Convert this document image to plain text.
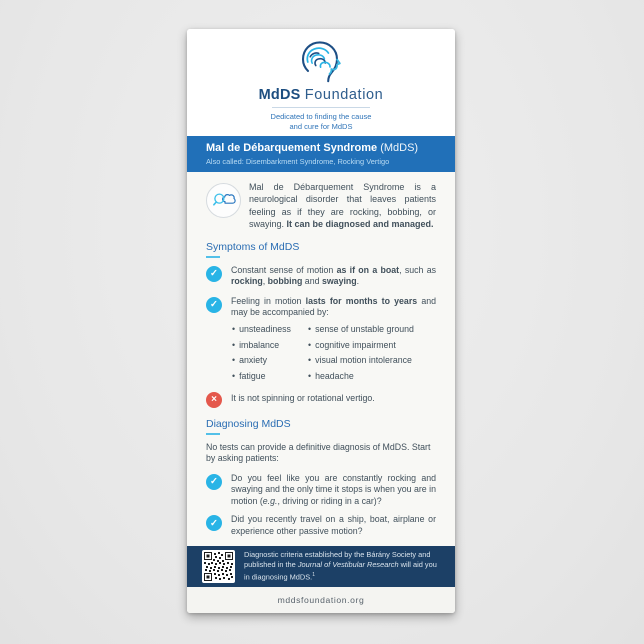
MdDS Foundation
Dedicated to finding the cause
and cure for MdDS
Mal de Débarquement Syndrome (MdDS)
Also called: Disembarkment Syndrome, Rocking Vertigo
Mal de Débarquement Syndrome is a neurological disorder that leaves patients feeling as if they are rocking, bobbing, or swaying. It can be diagnosed and managed.
Symptoms of MdDS
✓	Constant sense of motion as if on a boat, such as rocking, bobbing and swaying.
✓	Feeling in motion lasts for months to years and may be accompanied by:
• unsteadiness	• sense of unstable ground
• imbalance	• cognitive impairment
• anxiety	• visual motion intolerance
• fatigue	• headache
×	It is not spinning or rotational vertigo.
Diagnosing MdDS
No tests can provide a definitive diagnosis of MdDS. Start by asking patients:
✓	Do you feel like you are constantly rocking and swaying and the only time it stops is when you are in motion (e.g., driving or riding in a car)?
✓	Did you recently travel on a ship, boat, airplane or experience other passive motion?
Diagnostic criteria established by the Bárány Society and published in the Journal of Vestibular Research will aid you in diagnosing MdDS.$^1$
mddsfoundation.org
